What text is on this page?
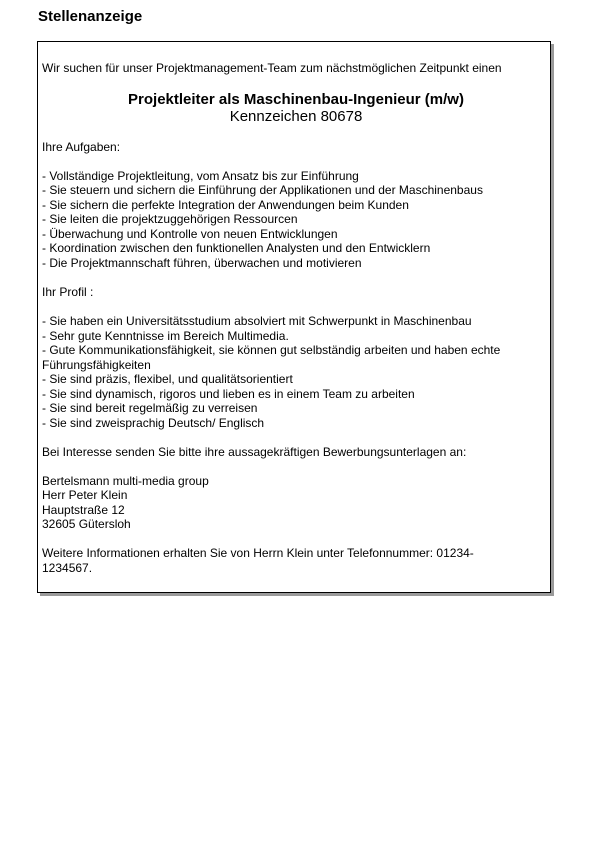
Stellenanzeige

Wir suchen für unser Projektmanagement-Team zum nächstmöglichen Zeitpunkt einen

Projektleiter als Maschinenbau-Ingenieur (m/w)

Kennzeichen 80678

Ihre Aufgaben:

- Vollständige Projektleitung, vom Ansatz bis zur Einführung
- Sie steuern und sichern die Einführung der Applikationen und der Maschinenbaus
- Sie sichern die perfekte Integration der Anwendungen beim Kunden
- Sie leiten die projektzuggehörigen Ressourcen
- Überwachung und Kontrolle von neuen Entwicklungen
- Koordination zwischen den funktionellen Analysten und den Entwicklern
- Die Projektmannschaft führen, überwachen und motivieren

Ihr Profil :

- Sie haben ein Universitätsstudium absolviert mit Schwerpunkt in Maschinenbau
- Sehr gute Kenntnisse im Bereich Multimedia.
- Gute Kommunikationsfähigkeit, sie können gut selbständig arbeiten und haben echte
Führungsfähigkeiten
- Sie sind präzis, flexibel, und qualitätsorientiert
- Sie sind dynamisch, rigoros und lieben es in einem Team zu arbeiten
- Sie sind bereit regelmäßig zu verreisen
- Sie sind zweisprachig Deutsch/ Englisch

Bei Interesse senden Sie bitte ihre aussagekräftigen Bewerbungsunterlagen an:

Bertelsmann multi-media group
Herr Peter Klein
Hauptstraße 12
32605 Gütersloh

Weitere Informationen erhalten Sie von Herrn Klein unter Telefonnummer: 01234-1234567.
